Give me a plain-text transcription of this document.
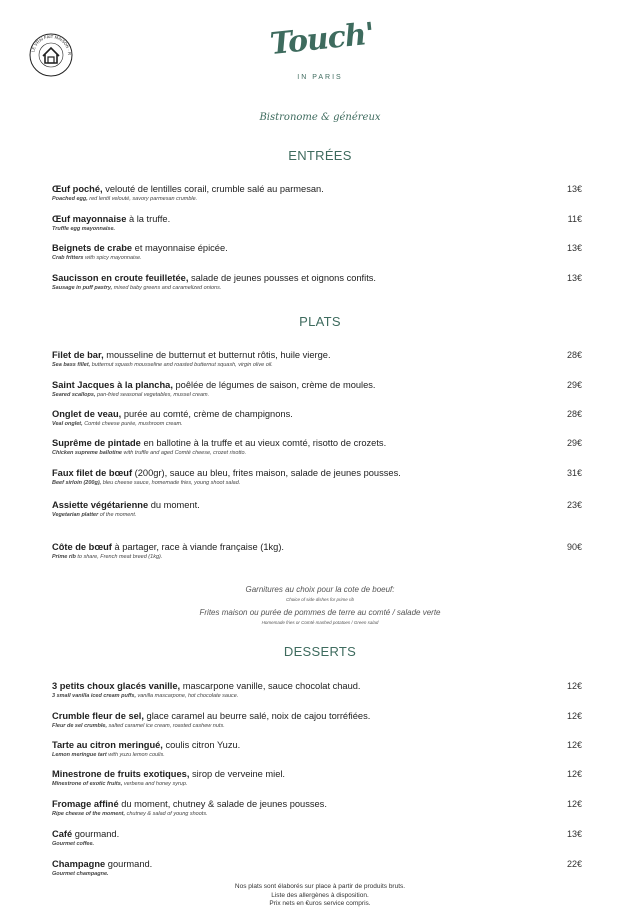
LE VRAI FAIT MAISON · R	Touch'
IN PARIS
Bistronome & généreux
ENTRÉES
Œuf poché, velouté de lentilles corail, crumble salé au parmesan.
Poached egg, red lentil velouté, savory parmesan crumble.
13€
Œuf mayonnaise à la truffe.
Truffle egg mayonnaise.
11€
Beignets de crabe et mayonnaise épicée.
Crab fritters with spicy mayonnaise.
13€
Saucisson en croute feuilletée, salade de jeunes pousses et oignons confits.
Sausage in puff pastry, mixed baby greens and caramelized onions.
13€
PLATS
Filet de bar, mousseline de butternut et butternut rôtis, huile vierge.
Sea bass fillet, butternut squash mousseline and roasted butternut squash, virgin olive oil.
28€
Saint Jacques à la plancha, poêlée de légumes de saison, crème de moules.
Seared scallops, pan-fried seasonal vegetables, mussel cream.
29€
Onglet de veau, purée au comté, crème de champignons.
Veal onglet, Comté cheese purée, mushroom cream.
28€
Suprême de pintade en ballotine à la truffe et au vieux comté, risotto de crozets.
Chicken supreme ballotine with truffle and aged Comté cheese, crozet risotto.
29€
Faux filet de bœuf (200gr), sauce au bleu, frites maison, salade de jeunes pousses.
Beef sirloin (200g), bleu cheese sauce, homemade fries, young shoot salad.
31€
Assiette végétarienne du moment.
Vegetarian platter of the moment.
23€
Côte de bœuf à partager, race à viande française (1kg).
Prime rib to share, French meat breed (1kg).
90€
DESSERTS
3 petits choux glacés vanille, mascarpone vanille, sauce chocolat chaud.
3 small vanilla iced cream puffs, vanilla mascarpone, hot chocolate sauce.
12€
Crumble fleur de sel, glace caramel au beurre salé, noix de cajou torréfiées.
Fleur de sel crumble, salted caramel ice cream, roasted cashew nuts.
12€
Tarte au citron meringué, coulis citron Yuzu.
Lemon meringue tart with yuzu lemon coulis.
12€
Minestrone de fruits exotiques, sirop de verveine miel.
Minestrone of exotic fruits, verbena and honey syrup.
12€
Fromage affiné du moment, chutney & salade de jeunes pousses.
Ripe cheese of the moment, chutney & salad of young shoots.
12€
Café gourmand.
Gourmet coffee.
13€
Champagne gourmand.
Gourmet champagne.
22€
Garnitures au choix pour la cote de boeuf:
Choice of side dishes for prime rib
Frites maison ou purée de pommes de terre au comté / salade verte
Homemade fries or Comté mashed potatoes / Green salad
Nos plats sont élaborés sur place à partir de produits bruts.
Liste des allergènes à disposition.
Prix nets en €uros service compris.
